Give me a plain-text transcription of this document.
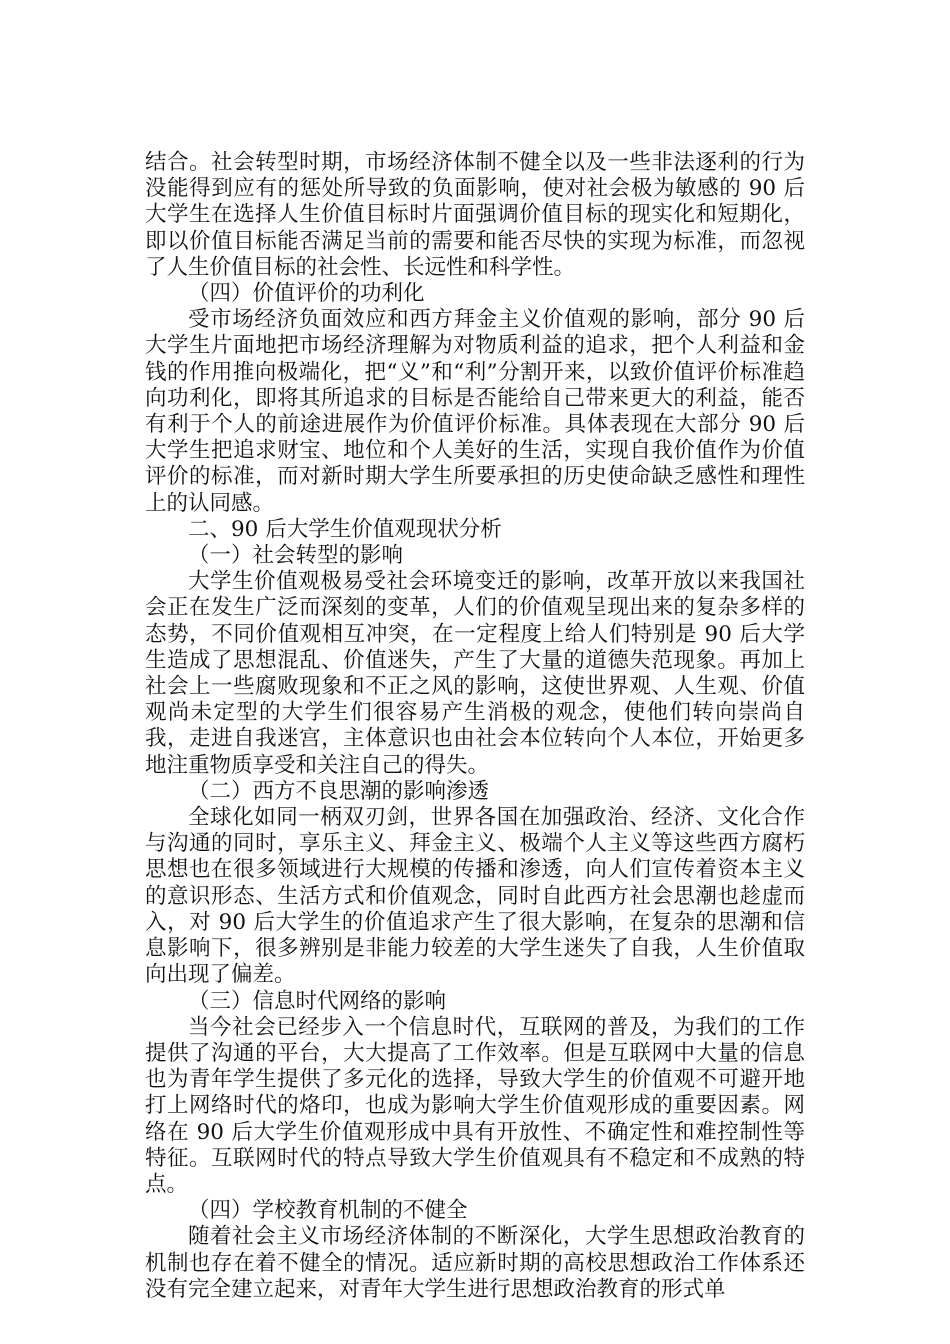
结合。社会转型时期，市场经济体制不健全以及一些非法逐利的行为没能得到应有的惩处所导致的负面影响，使对社会极为敏感的 90 后大学生在选择人生价值目标时片面强调价值目标的现实化和短期化，即以价值目标能否满足当前的需要和能否尽快的实现为标准，而忽视了人生价值目标的社会性、长远性和科学性。

（四）价值评价的功利化

受市场经济负面效应和西方拜金主义价值观的影响，部分 90 后大学生片面地把市场经济理解为对物质利益的追求，把个人利益和金钱的作用推向极端化，把“义”和“利”分割开来，以致价值评价标准趋向功利化，即将其所追求的目标是否能给自己带来更大的利益，能否有利于个人的前途进展作为价值评价标准。具体表现在大部分 90 后大学生把追求财宝、地位和个人美好的生活，实现自我价值作为价值评价的标准，而对新时期大学生所要承担的历史使命缺乏感性和理性上的认同感。

二、90 后大学生价值观现状分析

（一）社会转型的影响

大学生价值观极易受社会环境变迁的影响，改革开放以来我国社会正在发生广泛而深刻的变革，人们的价值观呈现出来的复杂多样的态势，不同价值观相互冲突，在一定程度上给人们特别是 90 后大学生造成了思想混乱、价值迷失，产生了大量的道德失范现象。再加上社会上一些腐败现象和不正之风的影响，这使世界观、人生观、价值观尚未定型的大学生们很容易产生消极的观念，使他们转向崇尚自我，走进自我迷宫，主体意识也由社会本位转向个人本位，开始更多地注重物质享受和关注自己的得失。

（二）西方不良思潮的影响渗透

全球化如同一柄双刃剑，世界各国在加强政治、经济、文化合作与沟通的同时，享乐主义、拜金主义、极端个人主义等这些西方腐朽思想也在很多领域进行大规模的传播和渗透，向人们宣传着资本主义的意识形态、生活方式和价值观念，同时自此西方社会思潮也趁虚而入，对 90 后大学生的价值追求产生了很大影响，在复杂的思潮和信息影响下，很多辨别是非能力较差的大学生迷失了自我，人生价值取向出现了偏差。

（三）信息时代网络的影响

当今社会已经步入一个信息时代，互联网的普及，为我们的工作提供了沟通的平台，大大提高了工作效率。但是互联网中大量的信息也为青年学生提供了多元化的选择，导致大学生的价值观不可避开地打上网络时代的烙印，也成为影响大学生价值观形成的重要因素。网络在 90 后大学生价值观形成中具有开放性、不确定性和难控制性等特征。互联网时代的特点导致大学生价值观具有不稳定和不成熟的特点。

（四）学校教育机制的不健全

随着社会主义市场经济体制的不断深化，大学生思想政治教育的机制也存在着不健全的情况。适应新时期的高校思想政治工作体系还没有完全建立起来，对青年大学生进行思想政治教育的形式单
